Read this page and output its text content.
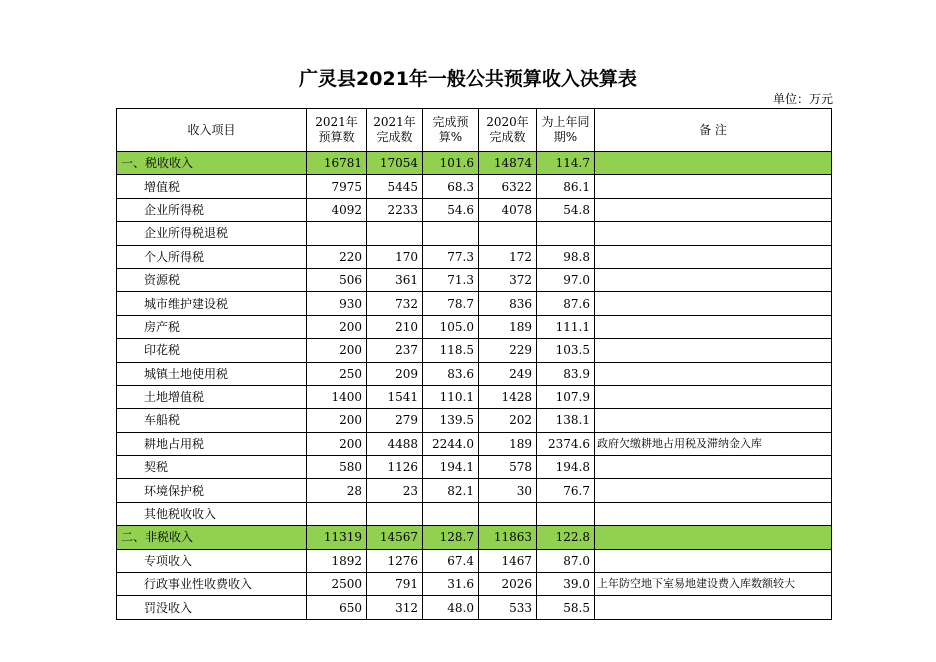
广灵县2021年一般公共预算收入决算表
单位：万元
收入项目	2021年预算数	2021年完成数	完成预算%	2020年完成数	为上年同期%	备 注
一、税收收入	16781	17054	101.6	14874	114.7	
增值税	7975	5445	68.3	6322	86.1	
企业所得税	4092	2233	54.6	4078	54.8	
企业所得税退税						
个人所得税	220	170	77.3	172	98.8	
资源税	506	361	71.3	372	97.0	
城市维护建设税	930	732	78.7	836	87.6	
房产税	200	210	105.0	189	111.1	
印花税	200	237	118.5	229	103.5	
城镇土地使用税	250	209	83.6	249	83.9	
土地增值税	1400	1541	110.1	1428	107.9	
车船税	200	279	139.5	202	138.1	
耕地占用税	200	4488	2244.0	189	2374.6	政府欠缴耕地占用税及滞纳金入库
契税	580	1126	194.1	578	194.8	
环境保护税	28	23	82.1	30	76.7	
其他税收收入						
二、非税收入	11319	14567	128.7	11863	122.8	
专项收入	1892	1276	67.4	1467	87.0	
行政事业性收费收入	2500	791	31.6	2026	39.0	上年防空地下室易地建设费入库数额较大
罚没收入	650	312	48.0	533	58.5	
